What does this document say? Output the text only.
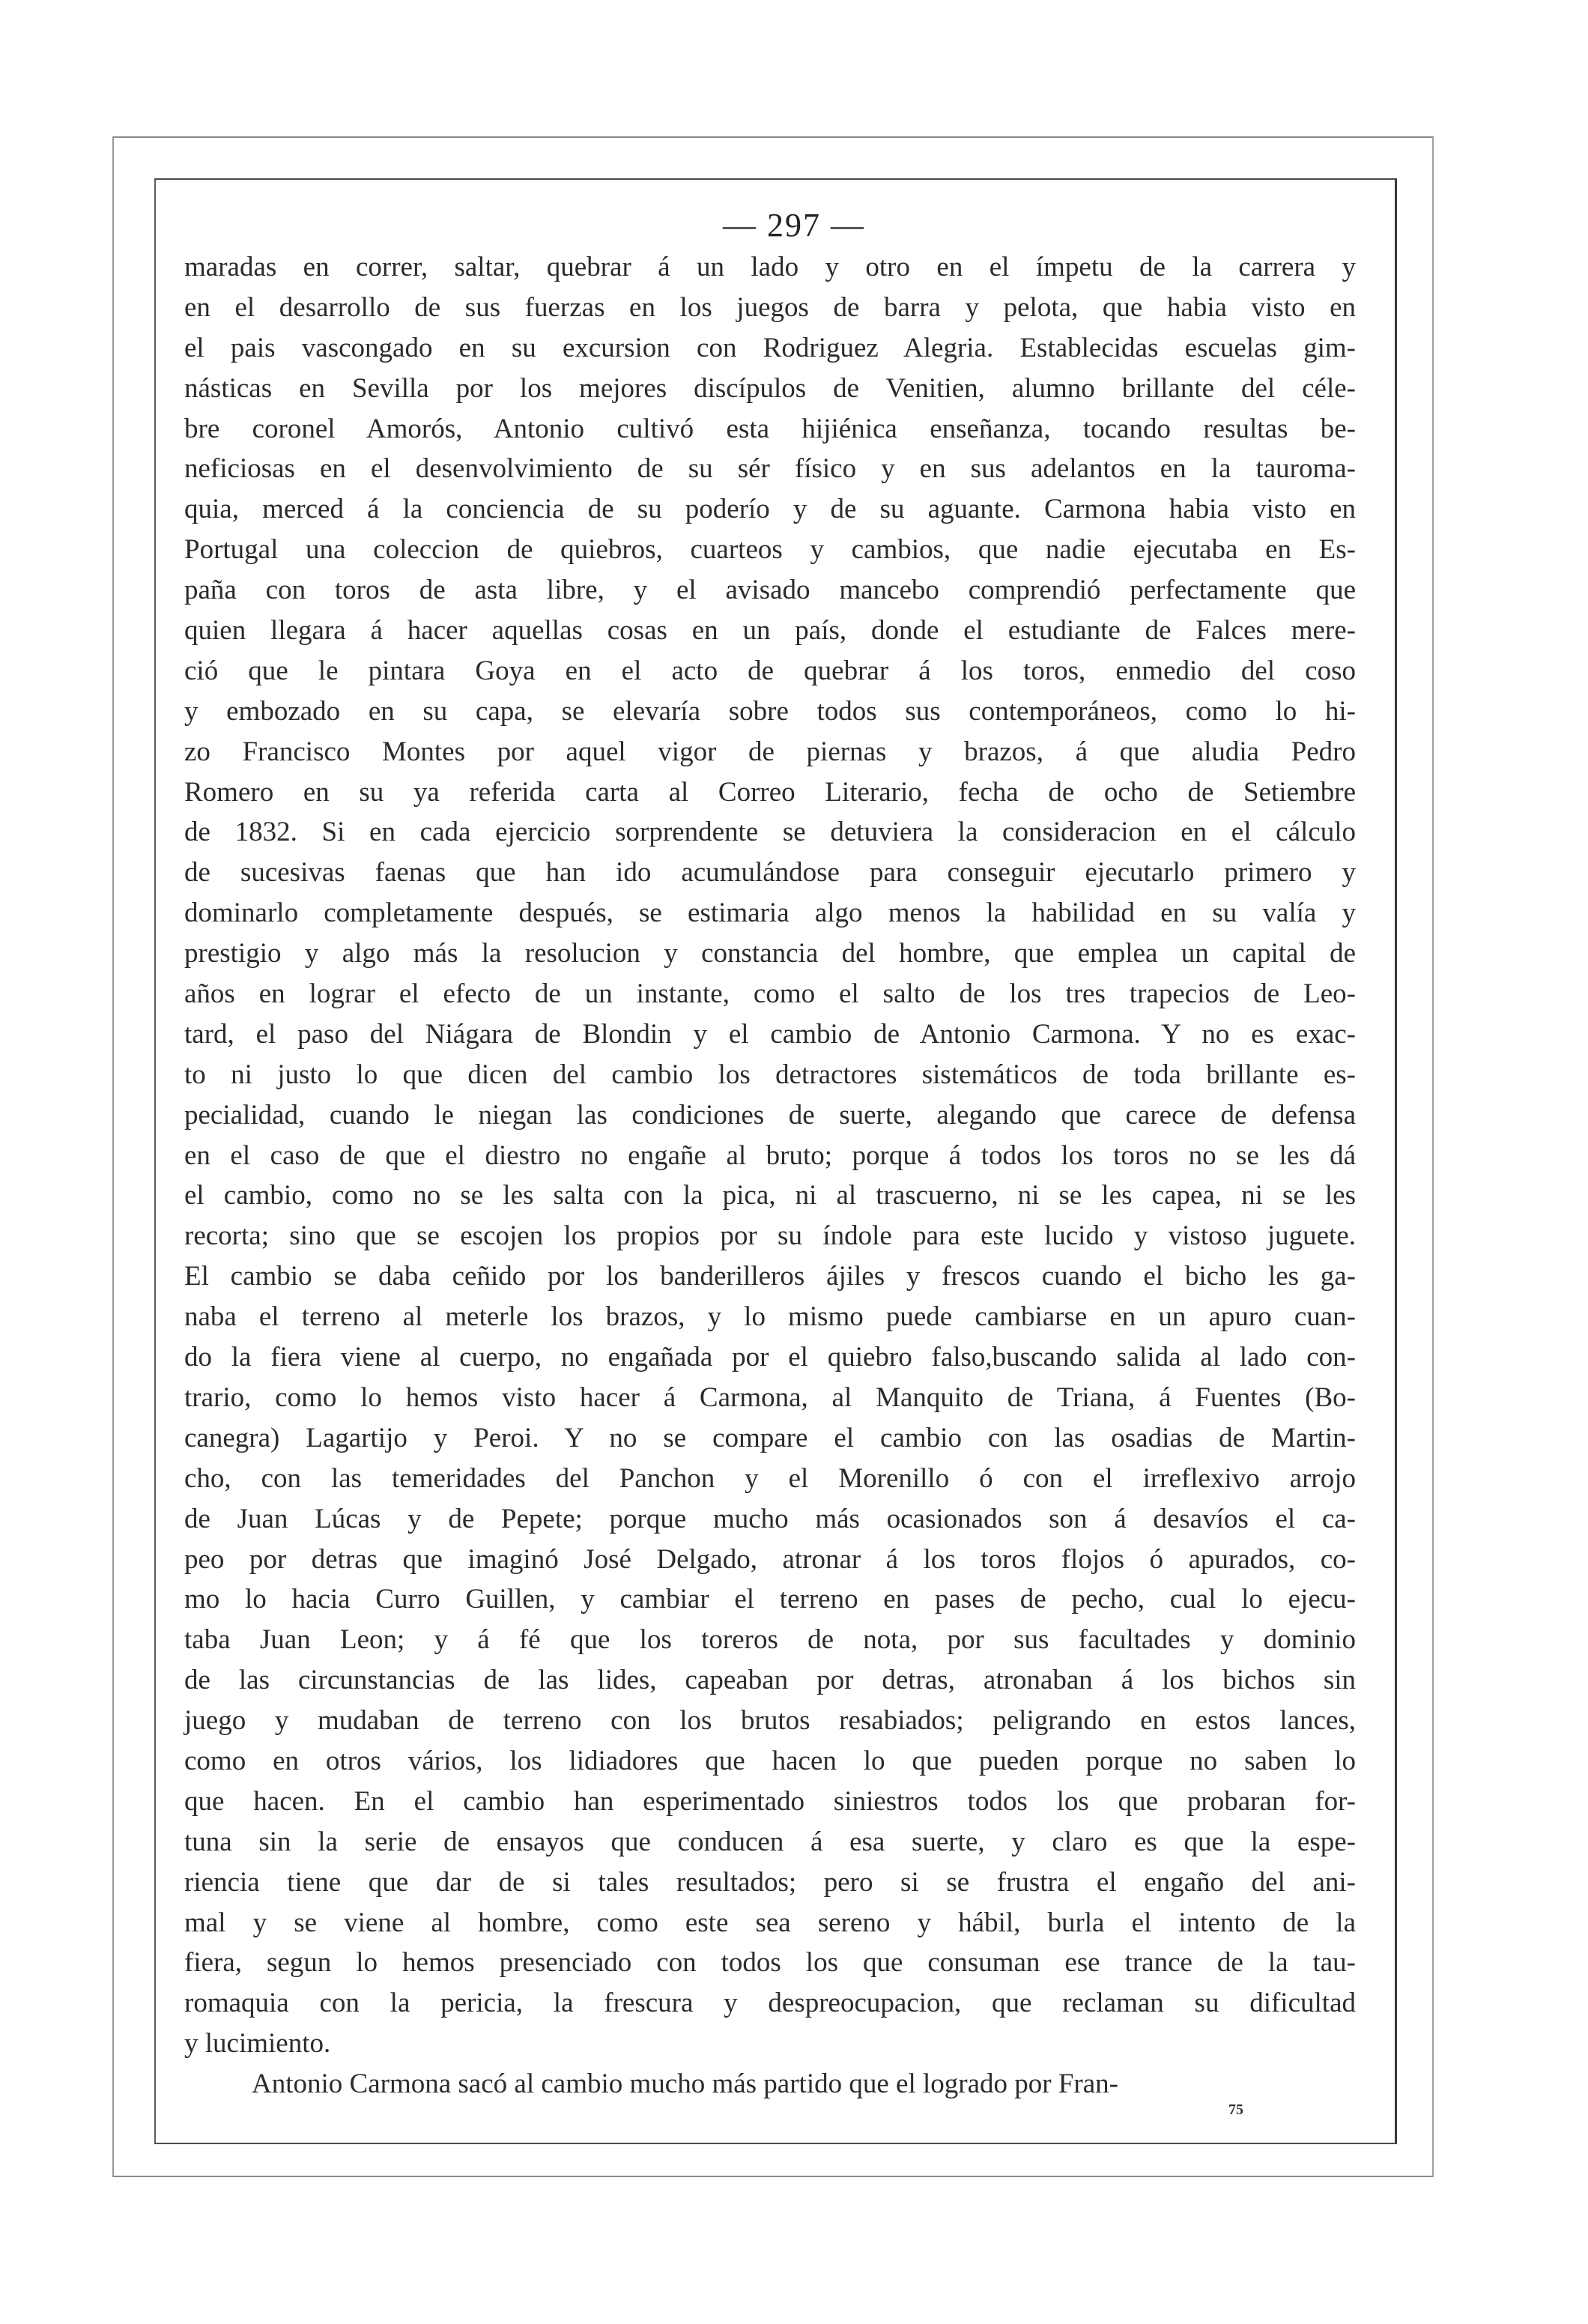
— 297 —
maradas en correr, saltar, quebrar á un lado y otro en el ímpetu de la carrera y
en el desarrollo de sus fuerzas en los juegos de barra y pelota, que habia visto en
el pais vascongado en su excursion con Rodriguez Alegria. Establecidas escuelas gim-
násticas en Sevilla por los mejores discípulos de Venitien, alumno brillante del céle-
bre coronel Amorós, Antonio cultivó esta hijiénica enseñanza, tocando resultas be-
neficiosas en el desenvolvimiento de su sér físico y en sus adelantos en la tauroma-
quia, merced á la conciencia de su poderío y de su aguante. Carmona habia visto en
Portugal una coleccion de quiebros, cuarteos y cambios, que nadie ejecutaba en Es-
paña con toros de asta libre, y el avisado mancebo comprendió perfectamente que
quien llegara á hacer aquellas cosas en un país, donde el estudiante de Falces mere-
ció que le pintara Goya en el acto de quebrar á los toros, enmedio del coso
y embozado en su capa, se elevaría sobre todos sus contemporáneos, como lo hi-
zo Francisco Montes por aquel vigor de piernas y brazos, á que aludia Pedro
Romero en su ya referida carta al Correo Literario, fecha de ocho de Setiembre
de 1832. Si en cada ejercicio sorprendente se detuviera la consideracion en el cálculo
de sucesivas faenas que han ido acumulándose para conseguir ejecutarlo primero y
dominarlo completamente después, se estimaria algo menos la habilidad en su valía y
prestigio y algo más la resolucion y constancia del hombre, que emplea un capital de
años en lograr el efecto de un instante, como el salto de los tres trapecios de Leo-
tard, el paso del Niágara de Blondin y el cambio de Antonio Carmona. Y no es exac-
to ni justo lo que dicen del cambio los detractores sistemáticos de toda brillante es-
pecialidad, cuando le niegan las condiciones de suerte, alegando que carece de defensa
en el caso de que el diestro no engañe al bruto; porque á todos los toros no se les dá
el cambio, como no se les salta con la pica, ni al trascuerno, ni se les capea, ni se les
recorta; sino que se escojen los propios por su índole para este lucido y vistoso juguete.
El cambio se daba ceñido por los banderilleros ájiles y frescos cuando el bicho les ga-
naba el terreno al meterle los brazos, y lo mismo puede cambiarse en un apuro cuan-
do la fiera viene al cuerpo, no engañada por el quiebro falso,buscando salida al lado con-
trario, como lo hemos visto hacer á Carmona, al Manquito de Triana, á Fuentes (Bo-
canegra) Lagartijo y Peroi. Y no se compare el cambio con las osadias de Martin-
cho, con las temeridades del Panchon y el Morenillo ó con el irreflexivo arrojo
de Juan Lúcas y de Pepete; porque mucho más ocasionados son á desavíos el ca-
peo por detras que imaginó José Delgado, atronar á los toros flojos ó apurados, co-
mo lo hacia Curro Guillen, y cambiar el terreno en pases de pecho, cual lo ejecu-
taba Juan Leon; y á fé que los toreros de nota, por sus facultades y dominio
de las circunstancias de las lides, capeaban por detras, atronaban á los bichos sin
juego y mudaban de terreno con los brutos resabiados; peligrando en estos lances,
como en otros vários, los lidiadores que hacen lo que pueden porque no saben lo
que hacen. En el cambio han esperimentado siniestros todos los que probaran for-
tuna sin la serie de ensayos que conducen á esa suerte, y claro es que la espe-
riencia tiene que dar de si tales resultados; pero si se frustra el engaño del ani-
mal y se viene al hombre, como este sea sereno y hábil, burla el intento de la
fiera, segun lo hemos presenciado con todos los que consuman ese trance de la tau-
romaquia con la pericia, la frescura y despreocupacion, que reclaman su dificultad
y lucimiento.
Antonio Carmona sacó al cambio mucho más partido que el logrado por Fran-
75
